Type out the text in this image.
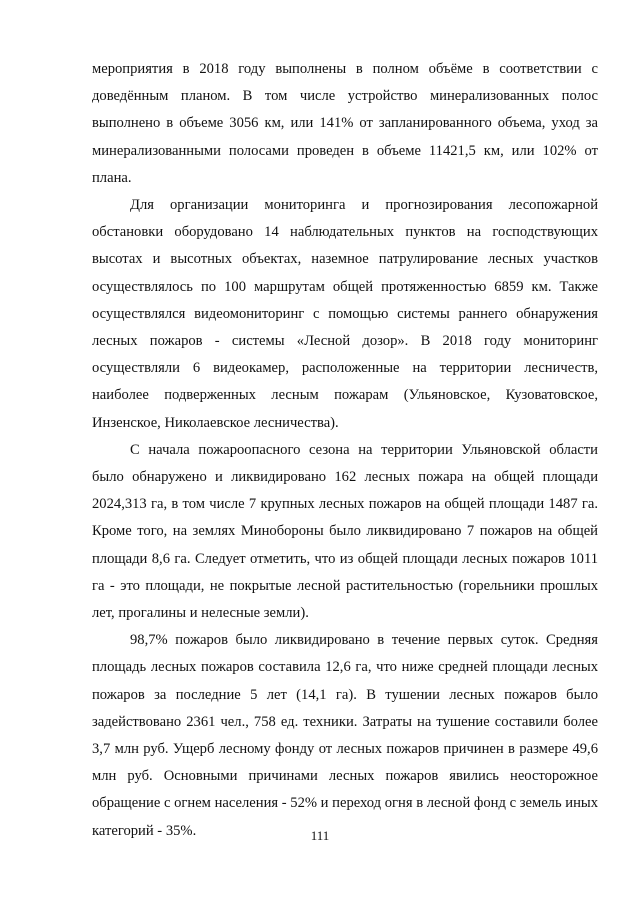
мероприятия в 2018 году выполнены в полном объёме в соответствии с доведённым планом. В том числе устройство минерализованных полос выполнено в объеме 3056 км, или 141% от запланированного объема, уход за минерализованными полосами проведен в объеме 11421,5 км, или 102% от плана.

Для организации мониторинга и прогнозирования лесопожарной обстановки оборудовано 14 наблюдательных пунктов на господствующих высотах и высотных объектах, наземное патрулирование лесных участков осуществлялось по 100 маршрутам общей протяженностью 6859 км. Также осуществлялся видеомониторинг с помощью системы раннего обнаружения лесных пожаров - системы «Лесной дозор». В 2018 году мониторинг осуществляли 6 видеокамер, расположенные на территории лесничеств, наиболее подверженных лесным пожарам (Ульяновское, Кузоватовское, Инзенское, Николаевское лесничества).

С начала пожароопасного сезона на территории Ульяновской области было обнаружено и ликвидировано 162 лесных пожара на общей площади 2024,313 га, в том числе 7 крупных лесных пожаров на общей площади 1487 га. Кроме того, на землях Минобороны было ликвидировано 7 пожаров на общей площади 8,6 га. Следует отметить, что из общей площади лесных пожаров 1011 га - это площади, не покрытые лесной растительностью (горельники прошлых лет, прогалины и нелесные земли).

98,7% пожаров было ликвидировано в течение первых суток. Средняя площадь лесных пожаров составила 12,6 га, что ниже средней площади лесных пожаров за последние 5 лет (14,1 га). В тушении лесных пожаров было задействовано 2361 чел., 758 ед. техники. Затраты на тушение составили более 3,7 млн руб. Ущерб лесному фонду от лесных пожаров причинен в размере 49,6 млн руб. Основными причинами лесных пожаров явились неосторожное обращение с огнем населения - 52% и переход огня в лесной фонд с земель иных категорий - 35%.	111
